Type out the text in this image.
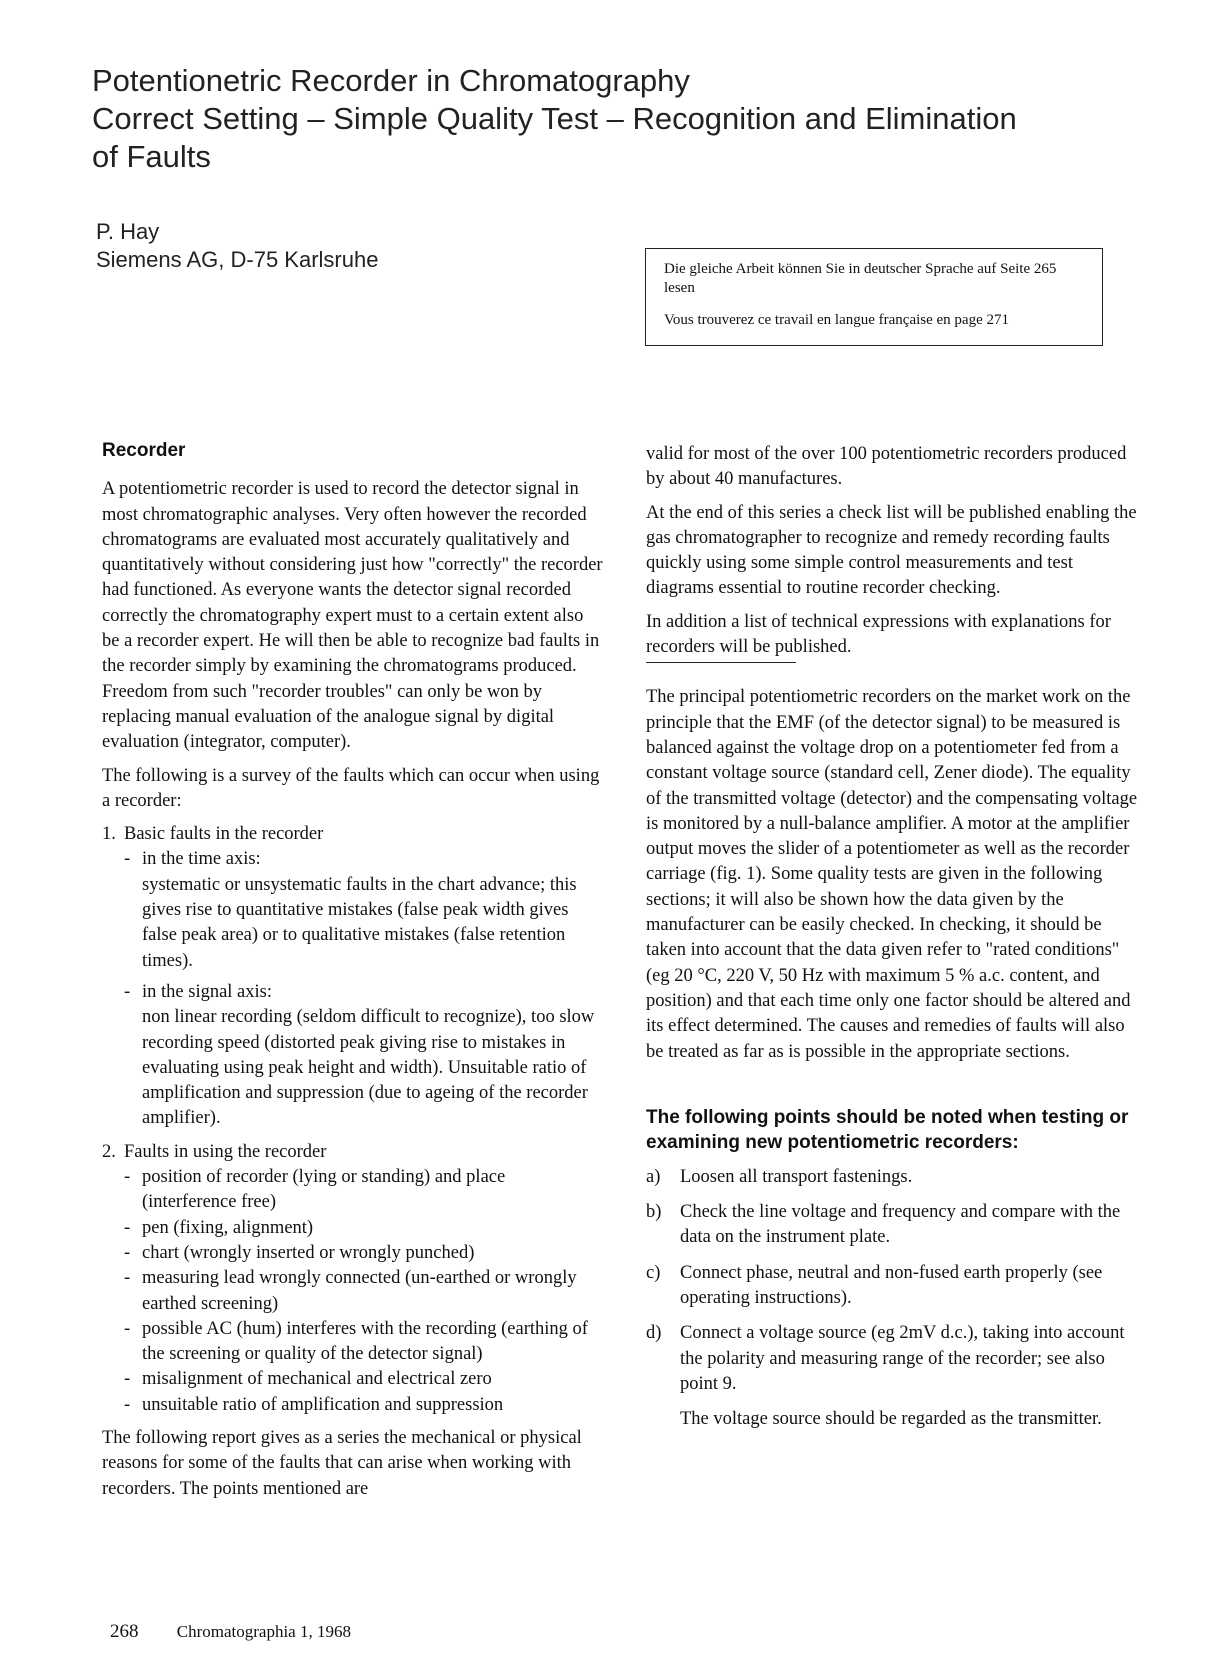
Potentionetric Recorder in Chromatography
Correct Setting – Simple Quality Test – Recognition and Elimination
of Faults
P. Hay
Siemens AG, D-75 Karlsruhe	Die gleiche Arbeit können Sie in deutscher Sprache auf Seite 265 lesen

Vous trouverez ce travail en langue française en page 271

Recorder

A potentiometric recorder is used to record the detector signal in most chromatographic analyses. Very often however the recorded chromatograms are evaluated most accurately qualitatively and quantitatively without considering just how "correctly" the recorder had functioned. As everyone wants the detector signal recorded correctly the chromatography expert must to a certain extent also be a recorder expert. He will then be able to recognize bad faults in the recorder simply by examining the chromatograms produced. Freedom from such "recorder troubles" can only be won by replacing manual evaluation of the analogue signal by digital evaluation (integrator, computer).

The following is a survey of the faults which can occur when using a recorder:

1. Basic faults in the recorder
- in the time axis:
systematic or unsystematic faults in the chart advance; this gives rise to quantitative mistakes (false peak width gives false peak area) or to qualitative mistakes (false retention times).
- in the signal axis:
non linear recording (seldom difficult to recognize), too slow recording speed (distorted peak giving rise to mistakes in evaluating using peak height and width). Unsuitable ratio of amplification and suppression (due to ageing of the recorder amplifier).
2. Faults in using the recorder
- position of recorder (lying or standing) and place (interference free)
- pen (fixing, alignment)
- chart (wrongly inserted or wrongly punched)
- measuring lead wrongly connected (un-earthed or wrongly earthed screening)
- possible AC (hum) interferes with the recording (earthing of the screening or quality of the detector signal)
- misalignment of mechanical and electrical zero
- unsuitable ratio of amplification and suppression

The following report gives as a series the mechanical or physical reasons for some of the faults that can arise when working with recorders. The points mentioned are

valid for most of the over 100 potentiometric recorders produced by about 40 manufactures.

At the end of this series a check list will be published enabling the gas chromatographer to recognize and remedy recording faults quickly using some simple control measurements and test diagrams essential to routine recorder checking.

In addition a list of technical expressions with explanations for recorders will be published.

The principal potentiometric recorders on the market work on the principle that the EMF (of the detector signal) to be measured is balanced against the voltage drop on a potentiometer fed from a constant voltage source (standard cell, Zener diode). The equality of the transmitted voltage (detector) and the compensating voltage is monitored by a null-balance amplifier. A motor at the amplifier output moves the slider of a potentiometer as well as the recorder carriage (fig. 1). Some quality tests are given in the following sections; it will also be shown how the data given by the manufacturer can be easily checked. In checking, it should be taken into account that the data given refer to "rated conditions" (eg 20 °C, 220 V, 50 Hz with maximum 5 % a.c. content, and position) and that each time only one factor should be altered and its effect determined. The causes and remedies of faults will also be treated as far as is possible in the appropriate sections.

The following points should be noted when testing or examining new potentiometric recorders:
a) Loosen all transport fastenings.
b) Check the line voltage and frequency and compare with the data on the instrument plate.
c) Connect phase, neutral and non-fused earth properly (see operating instructions).
d) Connect a voltage source (eg 2mV d.c.), taking into account the polarity and measuring range of the recorder; see also point 9.
The voltage source should be regarded as the transmitter.
268 Chromatographia 1, 1968
